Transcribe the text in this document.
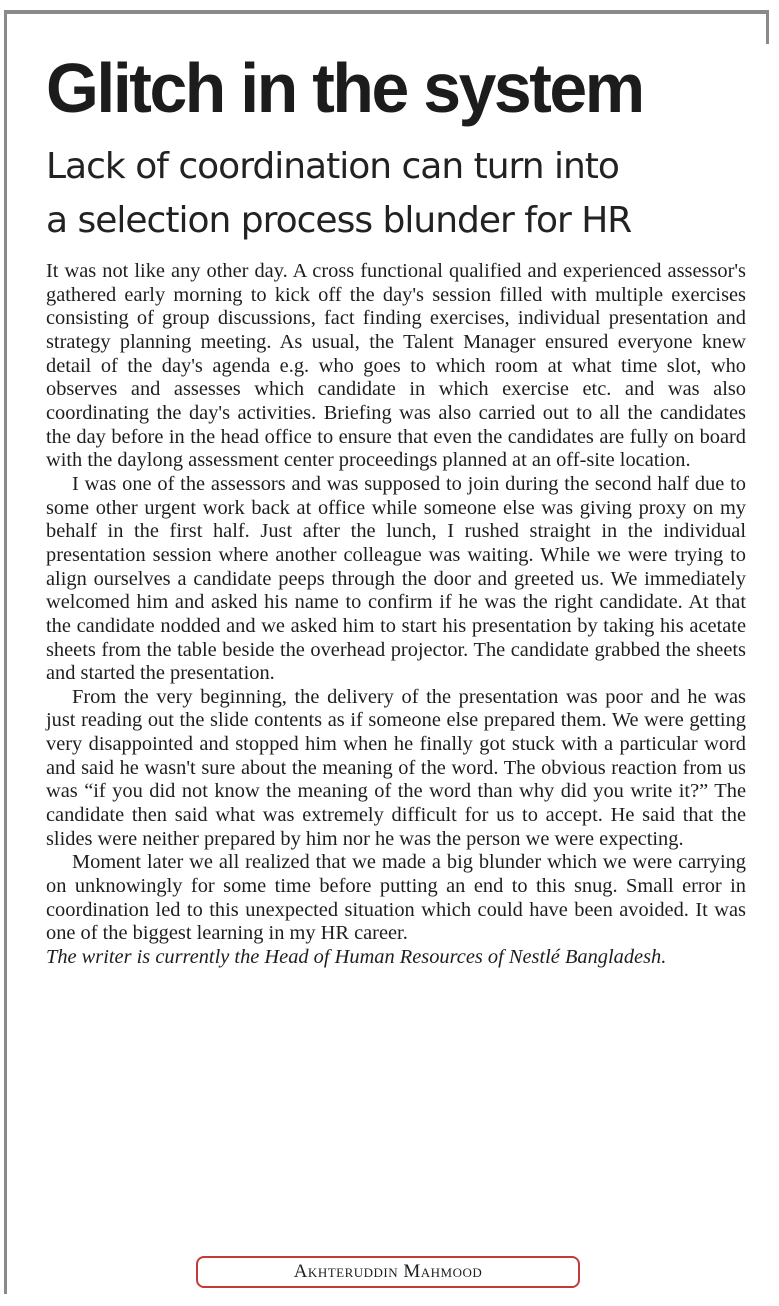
Glitch in the system
Lack of coordination can turn into
a selection process blunder for HR

It was not like any other day. A cross functional qualified and experienced assessor's gathered early morning to kick off the day's session filled with multiple exercises consisting of group discussions, fact finding exercises, individual presentation and strategy planning meeting. As usual, the Talent Manager ensured everyone knew detail of the day's agenda e.g. who goes to which room at what time slot, who observes and assesses which candidate in which exercise etc. and was also coordinating the day's activities. Briefing was also carried out to all the candidates the day before in the head office to ensure that even the candidates are fully on board with the daylong assessment center proceedings planned at an off-site location.

I was one of the assessors and was supposed to join during the second half due to some other urgent work back at office while someone else was giving proxy on my behalf in the first half. Just after the lunch, I rushed straight in the individual presentation session where another colleague was waiting. While we were trying to align ourselves a candidate peeps through the door and greeted us. We immediately welcomed him and asked his name to confirm if he was the right candidate. At that the candidate nodded and we asked him to start his presentation by taking his acetate sheets from the table beside the overhead projector. The candidate grabbed the sheets and started the presentation.

From the very beginning, the delivery of the presentation was poor and he was just reading out the slide contents as if someone else prepared them. We were getting very disappointed and stopped him when he finally got stuck with a particular word and said he wasn't sure about the meaning of the word. The obvious reaction from us was “if you did not know the meaning of the word than why did you write it?” The candidate then said what was extremely difficult for us to accept. He said that the slides were neither prepared by him nor he was the person we were expecting.

Moment later we all realized that we made a big blunder which we were carrying on unknowingly for some time before putting an end to this snug. Small error in coordination led to this unexpected situation which could have been avoided. It was one of the biggest learning in my HR career.

The writer is currently the Head of Human Resources of Nestlé Bangladesh.

Akhteruddin Mahmood
